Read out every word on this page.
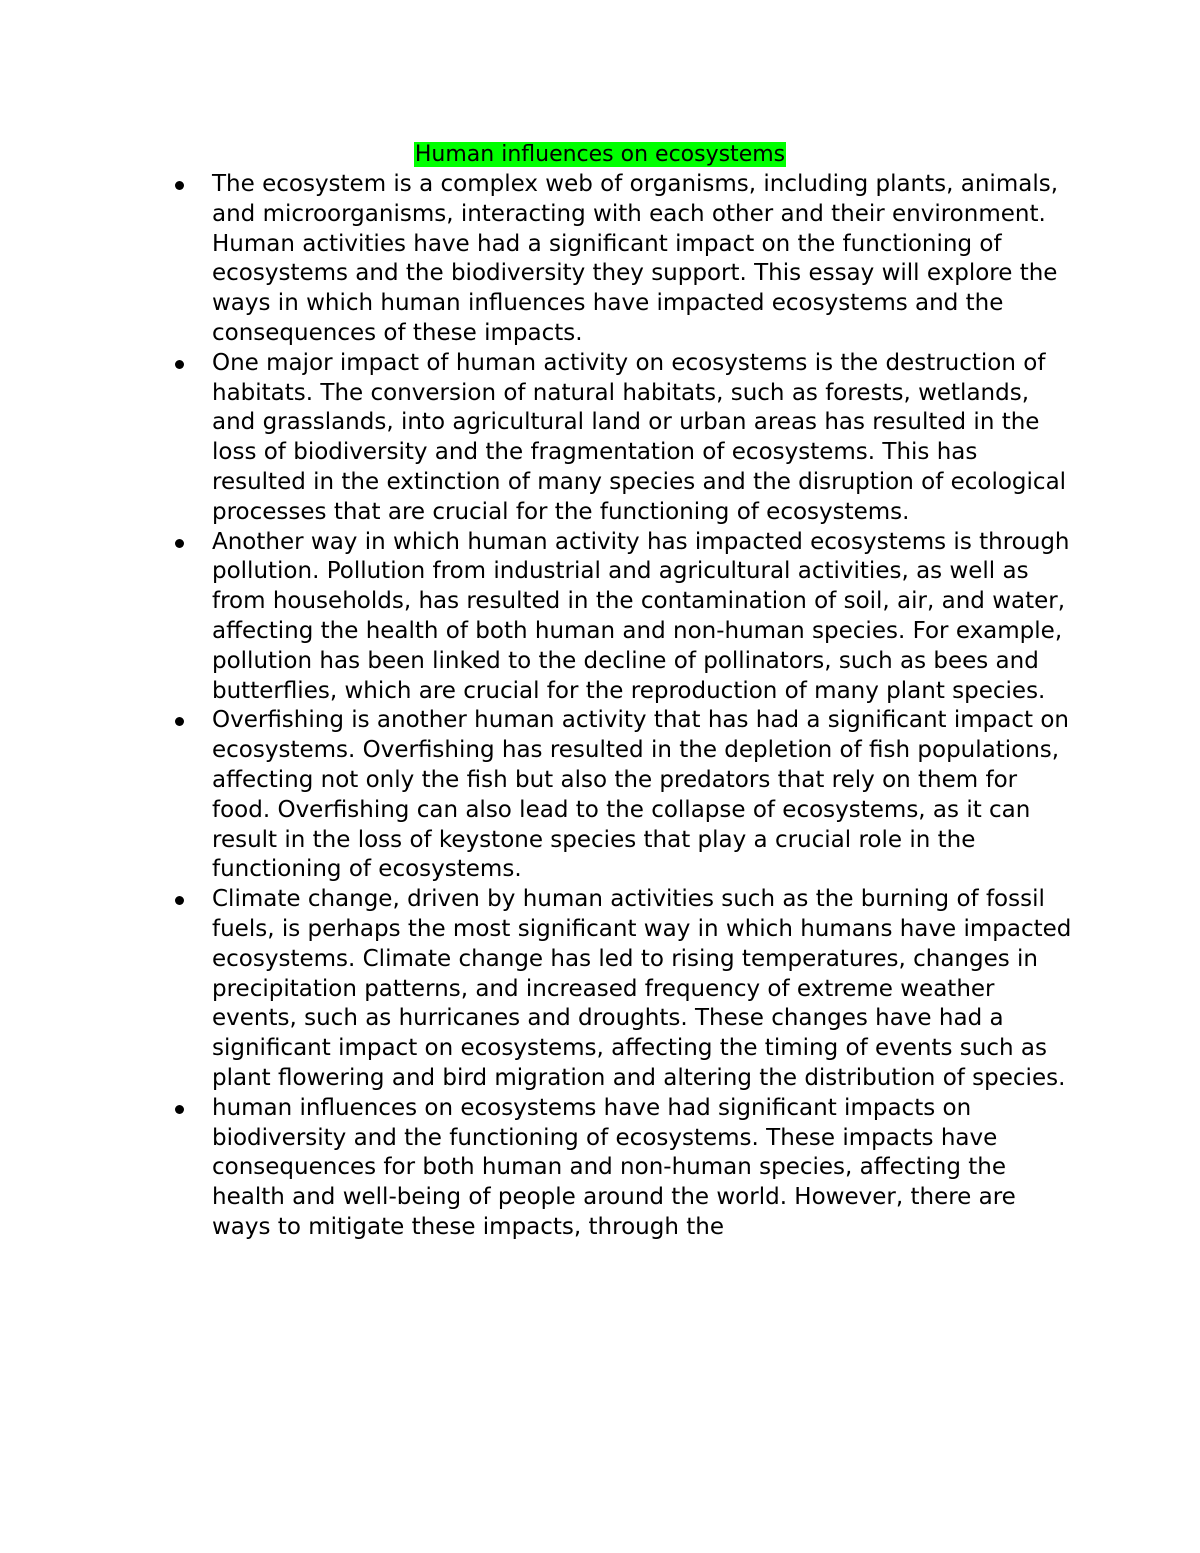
Human influences on ecosystems
The ecosystem is a complex web of organisms, including plants, animals, and microorganisms, interacting with each other and their environment. Human activities have had a significant impact on the functioning of ecosystems and the biodiversity they support. This essay will explore the ways in which human influences have impacted ecosystems and the consequences of these impacts.
One major impact of human activity on ecosystems is the destruction of habitats. The conversion of natural habitats, such as forests, wetlands, and grasslands, into agricultural land or urban areas has resulted in the loss of biodiversity and the fragmentation of ecosystems. This has resulted in the extinction of many species and the disruption of ecological processes that are crucial for the functioning of ecosystems.
Another way in which human activity has impacted ecosystems is through pollution. Pollution from industrial and agricultural activities, as well as from households, has resulted in the contamination of soil, air, and water, affecting the health of both human and non-human species. For example, pollution has been linked to the decline of pollinators, such as bees and butterflies, which are crucial for the reproduction of many plant species.
Overfishing is another human activity that has had a significant impact on ecosystems. Overfishing has resulted in the depletion of fish populations, affecting not only the fish but also the predators that rely on them for food. Overfishing can also lead to the collapse of ecosystems, as it can result in the loss of keystone species that play a crucial role in the functioning of ecosystems.
Climate change, driven by human activities such as the burning of fossil fuels, is perhaps the most significant way in which humans have impacted ecosystems. Climate change has led to rising temperatures, changes in precipitation patterns, and increased frequency of extreme weather events, such as hurricanes and droughts. These changes have had a significant impact on ecosystems, affecting the timing of events such as plant flowering and bird migration and altering the distribution of species.
human influences on ecosystems have had significant impacts on biodiversity and the functioning of ecosystems. These impacts have consequences for both human and non-human species, affecting the health and well-being of people around the world. However, there are ways to mitigate these impacts, through the
